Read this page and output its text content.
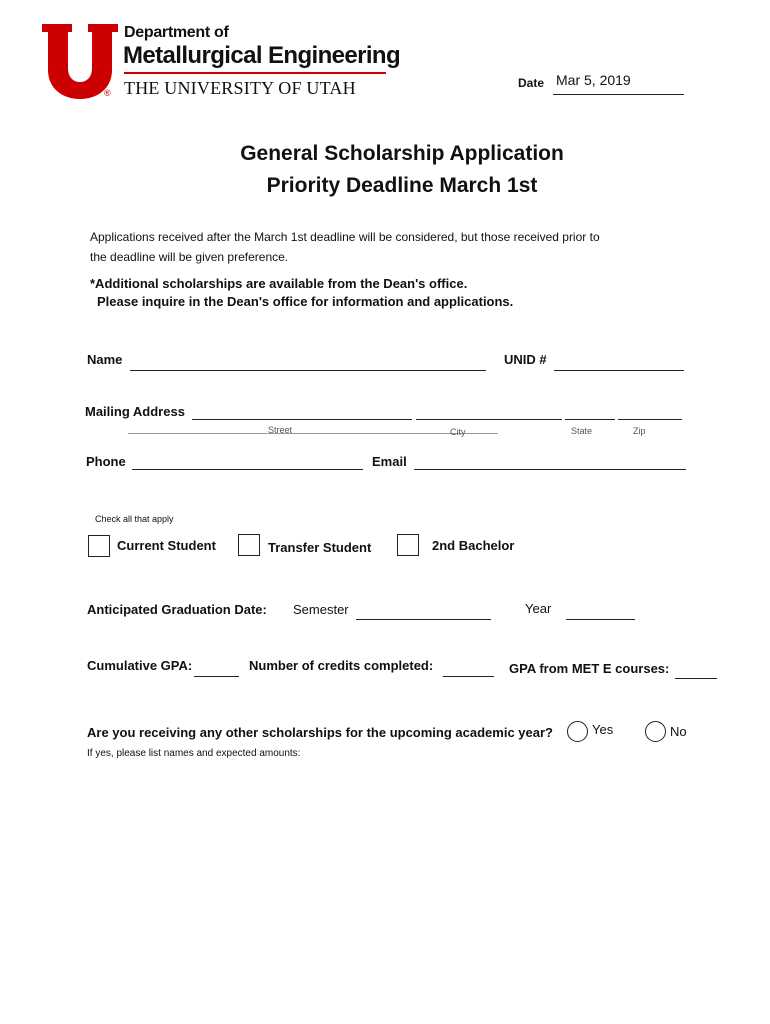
®
Department of
Metallurgical Engineering
THE UNIVERSITY OF UTAH	Date Mar 5, 2019
General Scholarship Application
Priority Deadline March 1st
Applications received after the March 1st deadline will be considered, but those received prior to
the deadline will be given preference.
*Additional scholarships are available from the Dean's office.
Please inquire in the Dean's office for information and applications.
Name	UNID #
Mailing Address
Street	City	State	Zip
Phone	Email
Check all that apply
Current Student	Transfer Student	2nd Bachelor
Anticipated Graduation Date: Semester	Year
Cumulative GPA:	Number of credits completed:	GPA from MET E courses:
Are you receiving any other scholarships for the upcoming academic year?	Yes	No
If yes, please list names and expected amounts:
